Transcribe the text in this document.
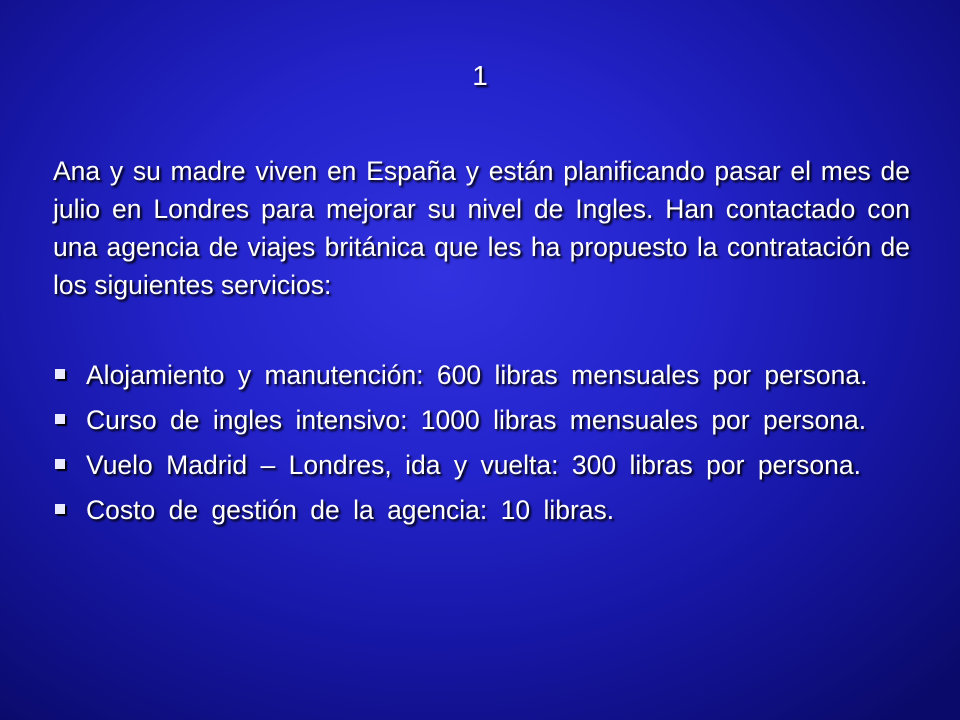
1

Ana y su madre viven en España y están planificando pasar el mes de julio en Londres para mejorar su nivel de Ingles. Han contactado con una agencia de viajes británica que les ha propuesto la contratación de los siguientes servicios:

Alojamiento y manutención: 600 libras mensuales por persona.
Curso de ingles intensivo: 1000 libras mensuales por persona.
Vuelo Madrid – Londres, ida y vuelta: 300 libras por persona.
Costo de gestión de la agencia: 10 libras.
